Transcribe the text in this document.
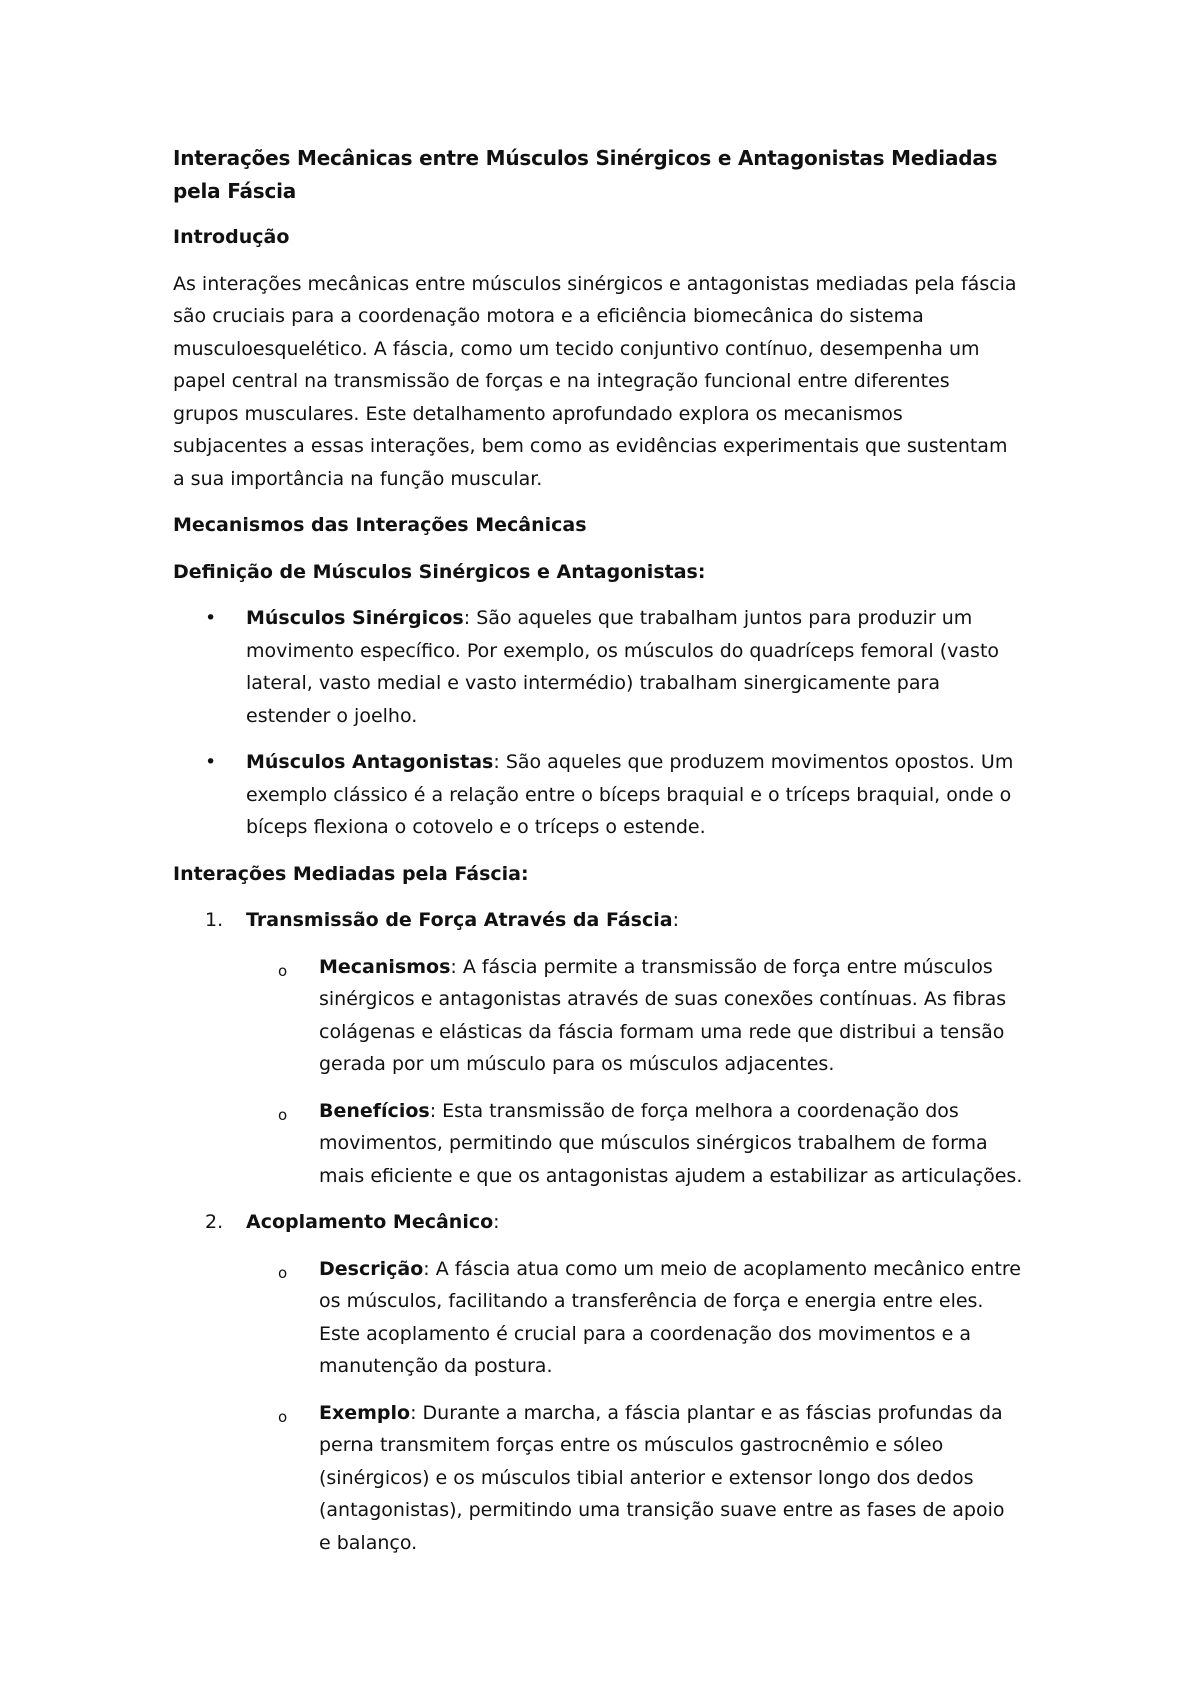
Interações Mecânicas entre Músculos Sinérgicos e Antagonistas Mediadas pela Fáscia
Introdução
As interações mecânicas entre músculos sinérgicos e antagonistas mediadas pela fáscia
são cruciais para a coordenação motora e a eficiência biomecânica do sistema
musculoesquelético. A fáscia, como um tecido conjuntivo contínuo, desempenha um
papel central na transmissão de forças e na integração funcional entre diferentes
grupos musculares. Este detalhamento aprofundado explora os mecanismos
subjacentes a essas interações, bem como as evidências experimentais que sustentam
a sua importância na função muscular.
Mecanismos das Interações Mecânicas
Definição de Músculos Sinérgicos e Antagonistas:
• Músculos Sinérgicos: São aqueles que trabalham juntos para produzir um
movimento específico. Por exemplo, os músculos do quadríceps femoral (vasto
lateral, vasto medial e vasto intermédio) trabalham sinergicamente para
estender o joelho.
• Músculos Antagonistas: São aqueles que produzem movimentos opostos. Um
exemplo clássico é a relação entre o bíceps braquial e o tríceps braquial, onde o
bíceps flexiona o cotovelo e o tríceps o estende.
Interações Mediadas pela Fáscia:
1. Transmissão de Força Através da Fáscia:
o Mecanismos: A fáscia permite a transmissão de força entre músculos
sinérgicos e antagonistas através de suas conexões contínuas. As fibras
colágenas e elásticas da fáscia formam uma rede que distribui a tensão
gerada por um músculo para os músculos adjacentes.
o Benefícios: Esta transmissão de força melhora a coordenação dos
movimentos, permitindo que músculos sinérgicos trabalhem de forma
mais eficiente e que os antagonistas ajudem a estabilizar as articulações.
2. Acoplamento Mecânico:
o Descrição: A fáscia atua como um meio de acoplamento mecânico entre
os músculos, facilitando a transferência de força e energia entre eles.
Este acoplamento é crucial para a coordenação dos movimentos e a
manutenção da postura.
o Exemplo: Durante a marcha, a fáscia plantar e as fáscias profundas da
perna transmitem forças entre os músculos gastrocnêmio e sóleo
(sinérgicos) e os músculos tibial anterior e extensor longo dos dedos
(antagonistas), permitindo uma transição suave entre as fases de apoio
e balanço.
